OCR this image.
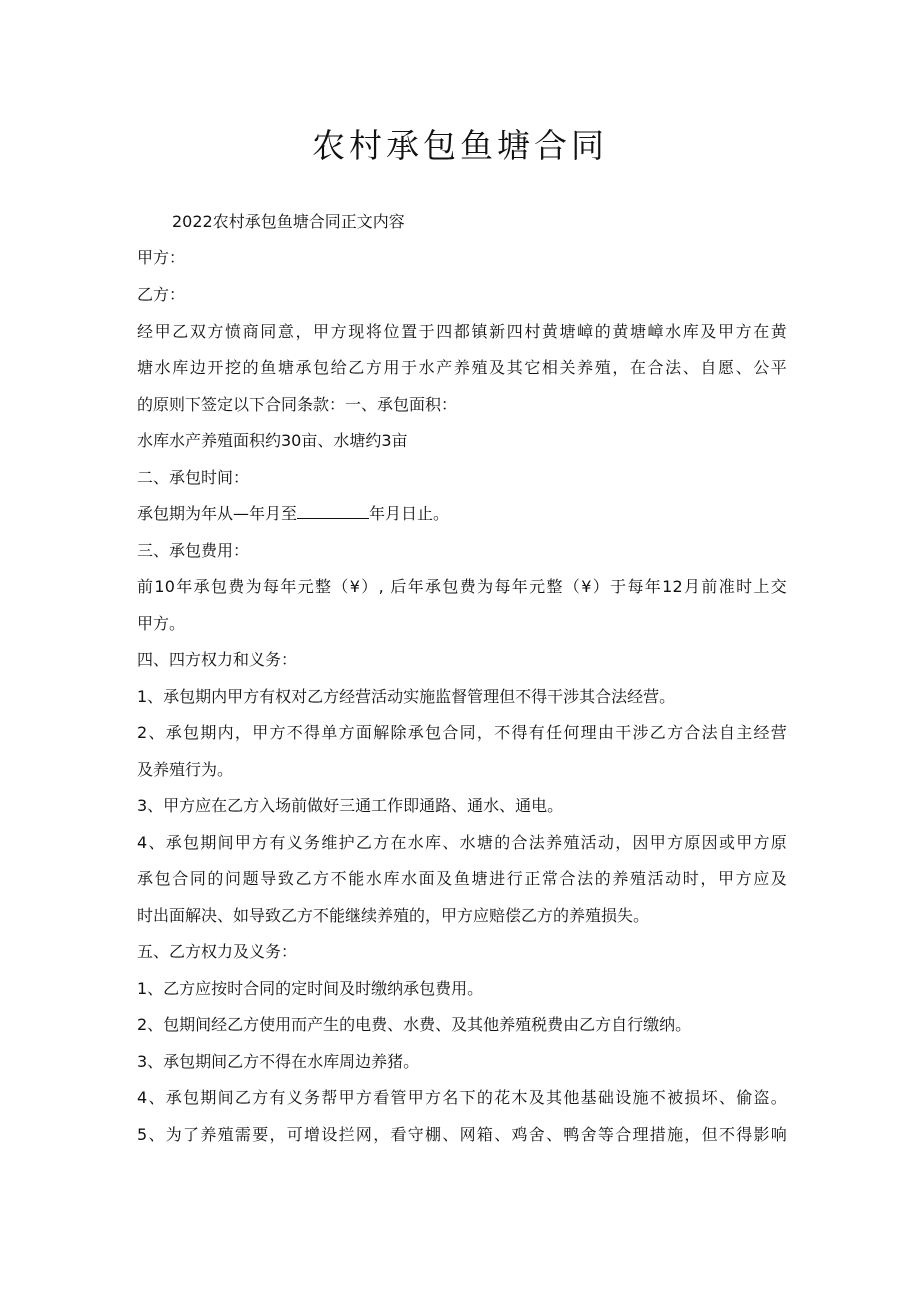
农村承包鱼塘合同
2022农村承包鱼塘合同正文内容
甲方：
乙方：
经甲乙双方愤商同意，甲方现将位置于四都镇新四村黄塘嶂的黄塘嶂水库及甲方在黄
塘水库边开挖的鱼塘承包给乙方用于水产养殖及其它相关养殖，在合法、自愿、公平
的原则下签定以下合同条款：一、承包面积：
水库水产养殖面积约30亩、水塘约3亩
二、承包时间：
承包期为年从—年月至	年月日止。
三、承包费用：
前10年承包费为每年元整（¥）, 后年承包费为每年元整（¥）于每年12月前准时上交
甲方。
四、四方权力和义务：
1、承包期内甲方有权对乙方经营活动实施监督管理但不得干涉其合法经营。
2、承包期内，甲方不得单方面解除承包合同，不得有任何理由干涉乙方合法自主经营
及养殖行为。
3、甲方应在乙方入场前做好三通工作即通路、通水、通电。
4、承包期间甲方有义务维护乙方在水库、水塘的合法养殖活动，因甲方原因或甲方原
承包合同的问题导致乙方不能水库水面及鱼塘进行正常合法的养殖活动时，甲方应及
时出面解决、如导致乙方不能继续养殖的，甲方应赔偿乙方的养殖损失。
五、乙方权力及义务：
1、乙方应按时合同的定时间及时缴纳承包费用。
2、包期间经乙方使用而产生的电费、水费、及其他养殖税费由乙方自行缴纳。
3、承包期间乙方不得在水库周边养猪。
4、承包期间乙方有义务帮甲方看管甲方名下的花木及其他基础设施不被损坏、偷盗。
5、为了养殖需要，可增设拦网，看守棚、网箱、鸡舍、鸭舍等合理措施，但不得影响
